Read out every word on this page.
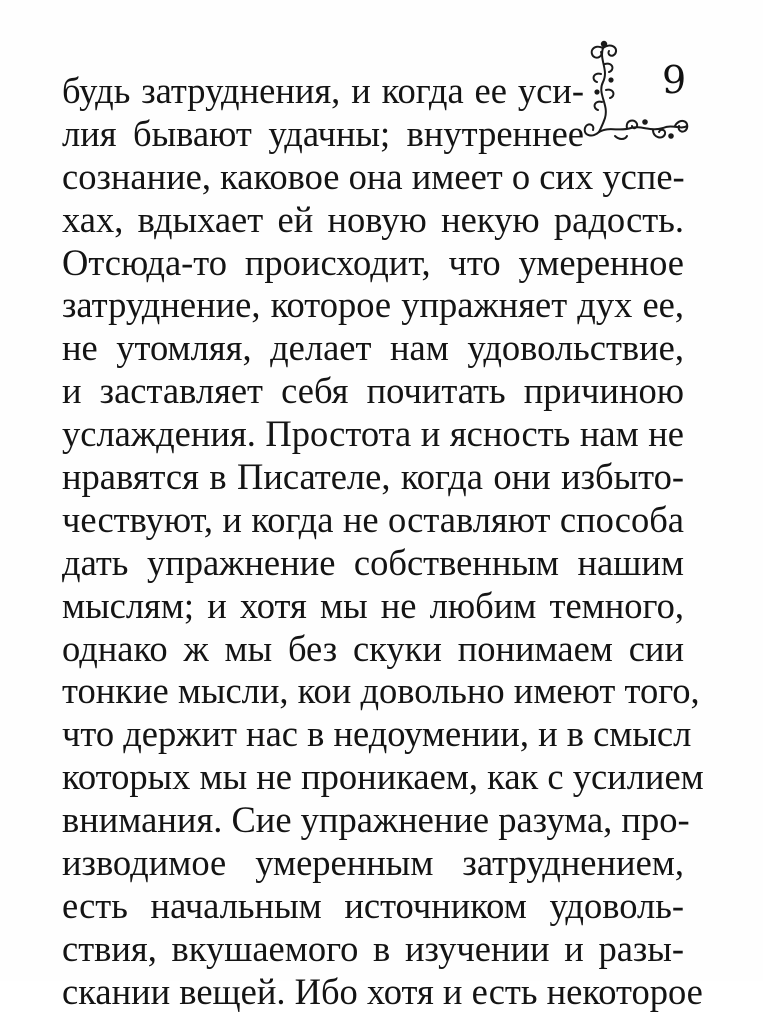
9
будь затруднения, и когда ее уси-
лия бывают удачны; внутреннее
сознание, каковое она имеет о сих успе-
хах, вдыхает ей новую некую радость.
Отсюда-то происходит, что умеренное
затруднение, которое упражняет дух ее,
не утомляя, делает нам удовольствие,
и заставляет себя почитать причиною
услаждения. Простота и ясность нам не
нравятся в Писателе, когда они избыто-
чествуют, и когда не оставляют способа
дать упражнение собственным нашим
мыслям; и хотя мы не любим темного,
однако ж мы без скуки понимаем сии
тонкие мысли, кои довольно имеют того,
что держит нас в недоумении, и в смысл
которых мы не проникаем, как с усилием
внимания. Сие упражнение разума, про-
изводимое умеренным затруднением,
есть начальным источником удоволь-
ствия, вкушаемого в изучении и разы-
скании вещей. Ибо хотя и есть некоторое
